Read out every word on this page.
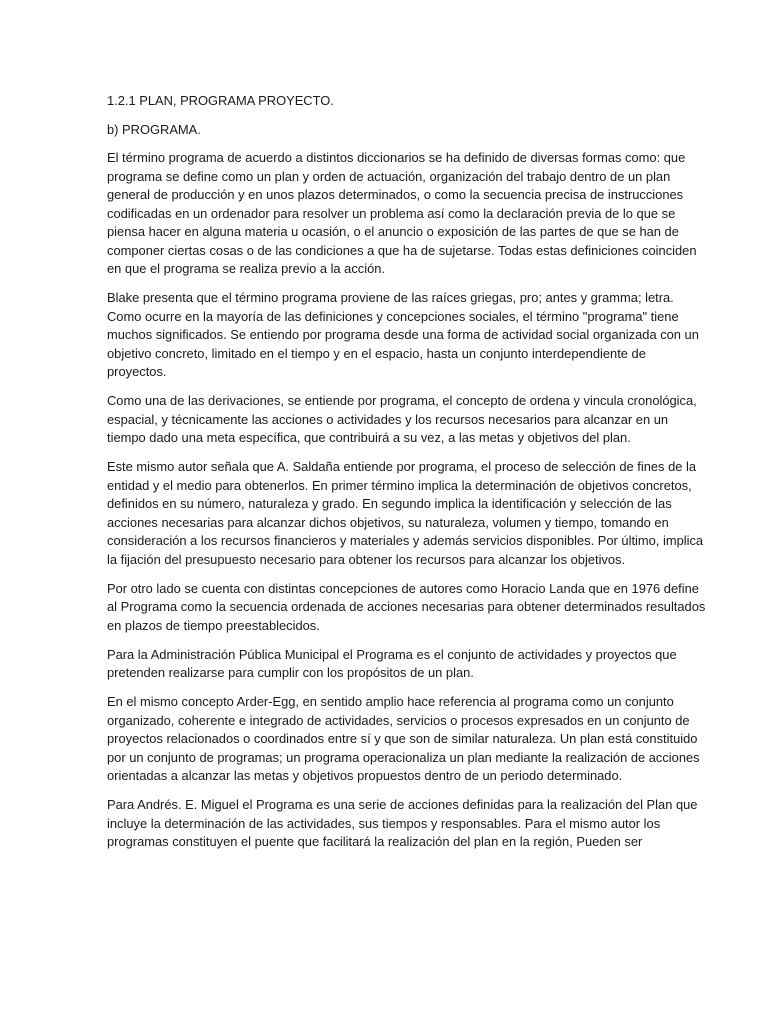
1.2.1 PLAN, PROGRAMA PROYECTO.
b) PROGRAMA.

El término programa de acuerdo a distintos diccionarios se ha definido de diversas formas como: que programa se define como un plan y orden de actuación, organización del trabajo dentro de un plan general de producción y en unos plazos determinados, o como la secuencia precisa de instrucciones codificadas en un ordenador para resolver un problema así como la declaración previa de lo que se piensa hacer en alguna materia u ocasión, o el anuncio o exposición de las partes de que se han de componer ciertas cosas o de las condiciones a que ha de sujetarse. Todas estas definiciones coinciden en que el programa se realiza previo a la acción.

Blake presenta que el término programa proviene de las raíces griegas, pro; antes y gramma; letra. Como ocurre en la mayoría de las definiciones y concepciones sociales, el término "programa" tiene muchos significados. Se entiendo por programa desde una forma de actividad social organizada con un objetivo concreto, limitado en el tiempo y en el espacio, hasta un conjunto interdependiente de proyectos.

Como una de las derivaciones, se entiende por programa, el concepto de ordena y vincula cronológica, espacial, y técnicamente las acciones o actividades y los recursos necesarios para alcanzar en un tiempo dado una meta específica, que contribuirá a su vez, a las metas y objetivos del plan.

Este mismo autor señala que A. Saldaña entiende por programa, el proceso de selección de fines de la entidad y el medio para obtenerlos. En primer término implica la determinación de objetivos concretos, definidos en su número, naturaleza y grado. En segundo implica la identificación y selección de las acciones necesarias para alcanzar dichos objetivos, su naturaleza, volumen y tiempo, tomando en consideración a los recursos financieros y materiales y además servicios disponibles. Por último, implica la fijación del presupuesto necesario para obtener los recursos para alcanzar los objetivos.

Por otro lado se cuenta con distintas concepciones de autores como Horacio Landa que en 1976 define al Programa como la secuencia ordenada de acciones necesarias para obtener determinados resultados en plazos de tiempo preestablecidos.

Para la Administración Pública Municipal el Programa es el conjunto de actividades y proyectos que pretenden realizarse para cumplir con los propósitos de un plan.

En el mismo concepto Arder-Egg, en sentido amplio hace referencia al programa como un conjunto organizado, coherente e integrado de actividades, servicios o procesos expresados en un conjunto de proyectos relacionados o coordinados entre sí y que son de similar naturaleza. Un plan está constituido por un conjunto de programas; un programa operacionaliza un plan mediante la realización de acciones orientadas a alcanzar las metas y objetivos propuestos dentro de un periodo determinado.

Para Andrés. E. Miguel el Programa es una serie de acciones definidas para la realización del Plan que incluye la determinación de las actividades, sus tiempos y responsables. Para el mismo autor los programas constituyen el puente que facilitará la realización del plan en la región, Pueden ser
